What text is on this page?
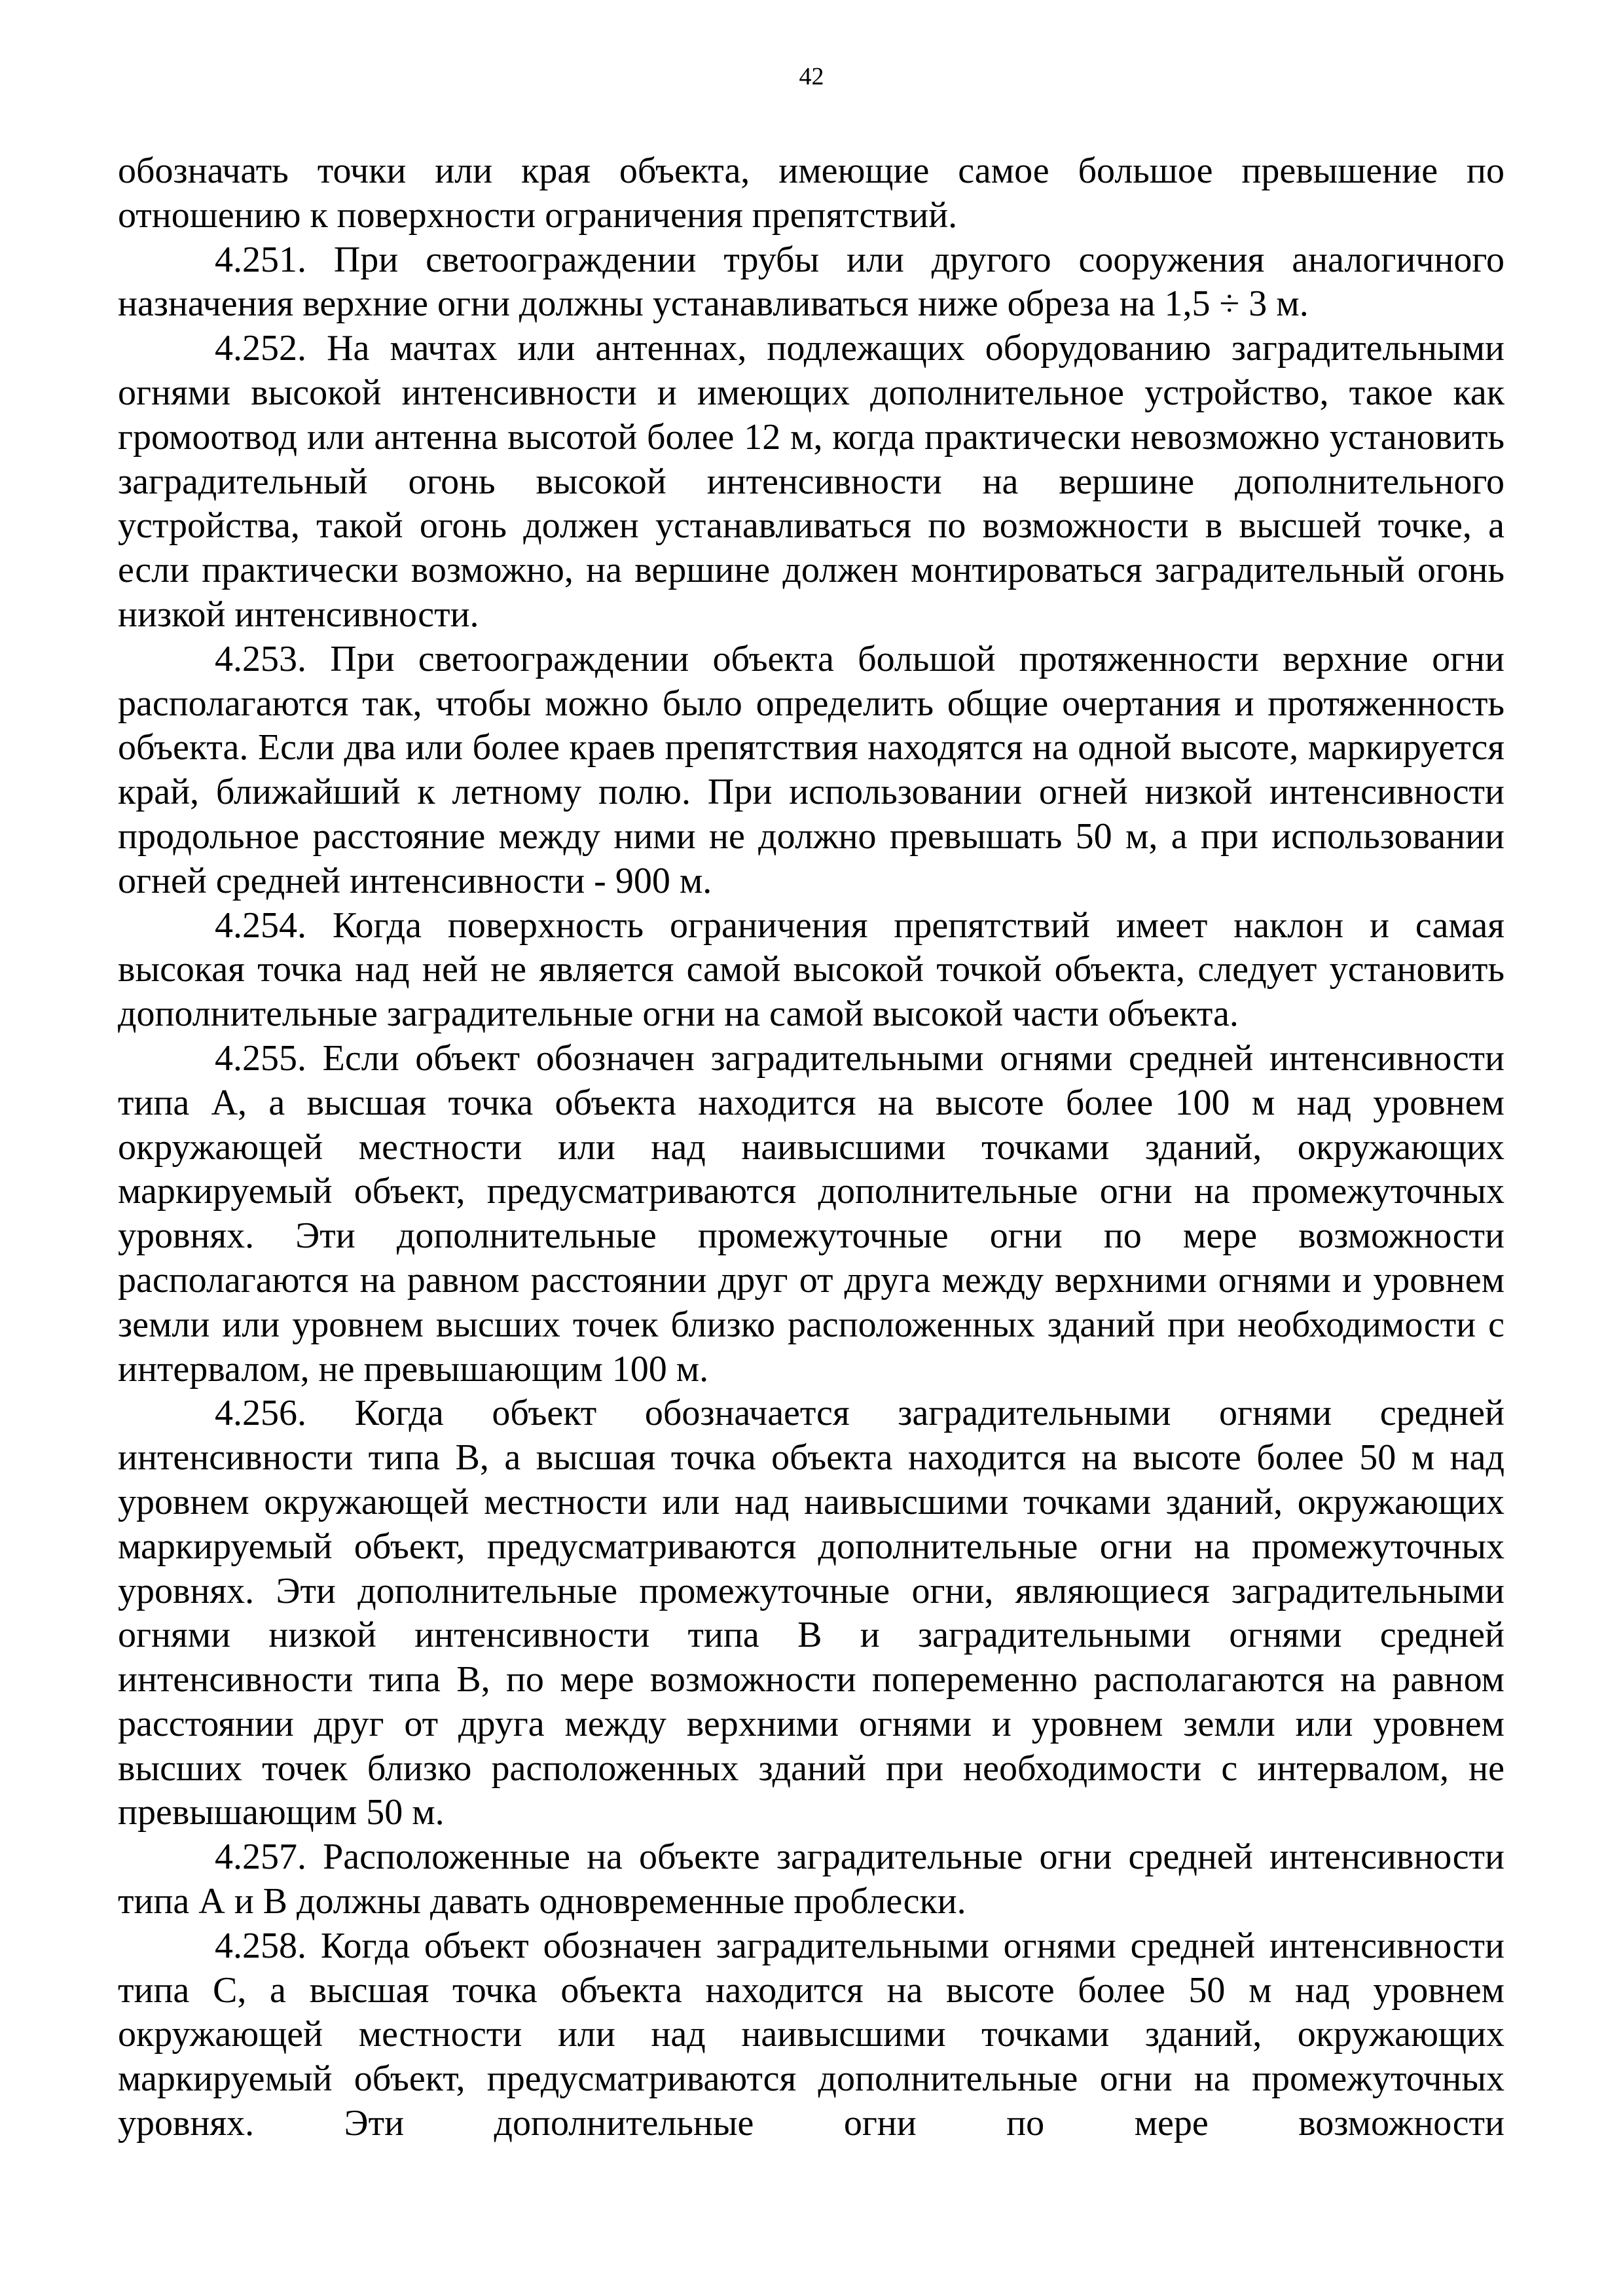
42

обозначать точки или края объекта, имеющие самое большое превышение по отношению к поверхности ограничения препятствий.

4.251. При светоограждении трубы или другого сооружения аналогичного назначения верхние огни должны устанавливаться ниже обреза на 1,5 ÷ 3 м.

4.252. На мачтах или антеннах, подлежащих оборудованию заградительными огнями высокой интенсивности и имеющих дополнительное устройство, такое как громоотвод или антенна высотой более 12 м, когда практически невозможно установить заградительный огонь высокой интенсивности на вершине дополнительного устройства, такой огонь должен устанавливаться по возможности в высшей точке, а если практически возможно, на вершине должен монтироваться заградительный огонь низкой интенсивности.

4.253. При светоограждении объекта большой протяженности верхние огни располагаются так, чтобы можно было определить общие очертания и протяженность объекта. Если два или более краев препятствия находятся на одной высоте, маркируется край, ближайший к летному полю. При использовании огней низкой интенсивности продольное расстояние между ними не должно превышать 50 м, а при использовании огней средней интенсивности - 900 м.

4.254. Когда поверхность ограничения препятствий имеет наклон и самая высокая точка над ней не является самой высокой точкой объекта, следует установить дополнительные заградительные огни на самой высокой части объекта.

4.255. Если объект обозначен заградительными огнями средней интенсивности типа А, а высшая точка объекта находится на высоте более 100 м над уровнем окружающей местности или над наивысшими точками зданий, окружающих маркируемый объект, предусматриваются дополнительные огни на промежуточных уровнях. Эти дополнительные промежуточные огни по мере возможности располагаются на равном расстоянии друг от друга между верхними огнями и уровнем земли или уровнем высших точек близко расположенных зданий при необходимости с интервалом, не превышающим 100 м.

4.256. Когда объект обозначается заградительными огнями средней интенсивности типа В, а высшая точка объекта находится на высоте более 50 м над уровнем окружающей местности или над наивысшими точками зданий, окружающих маркируемый объект, предусматриваются дополнительные огни на промежуточных уровнях. Эти дополнительные промежуточные огни, являющиеся заградительными огнями низкой интенсивности типа В и заградительными огнями средней интенсивности типа В, по мере возможности попеременно располагаются на равном расстоянии друг от друга между верхними огнями и уровнем земли или уровнем высших точек близко расположенных зданий при необходимости с интервалом, не превышающим 50 м.

4.257. Расположенные на объекте заградительные огни средней интенсивности типа А и В должны давать одновременные проблески.

4.258. Когда объект обозначен заградительными огнями средней интенсивности типа С, а высшая точка объекта находится на высоте более 50 м над уровнем окружающей местности или над наивысшими точками зданий, окружающих маркируемый объект, предусматриваются дополнительные огни на промежуточных уровнях. Эти дополнительные огни по мере возможности
